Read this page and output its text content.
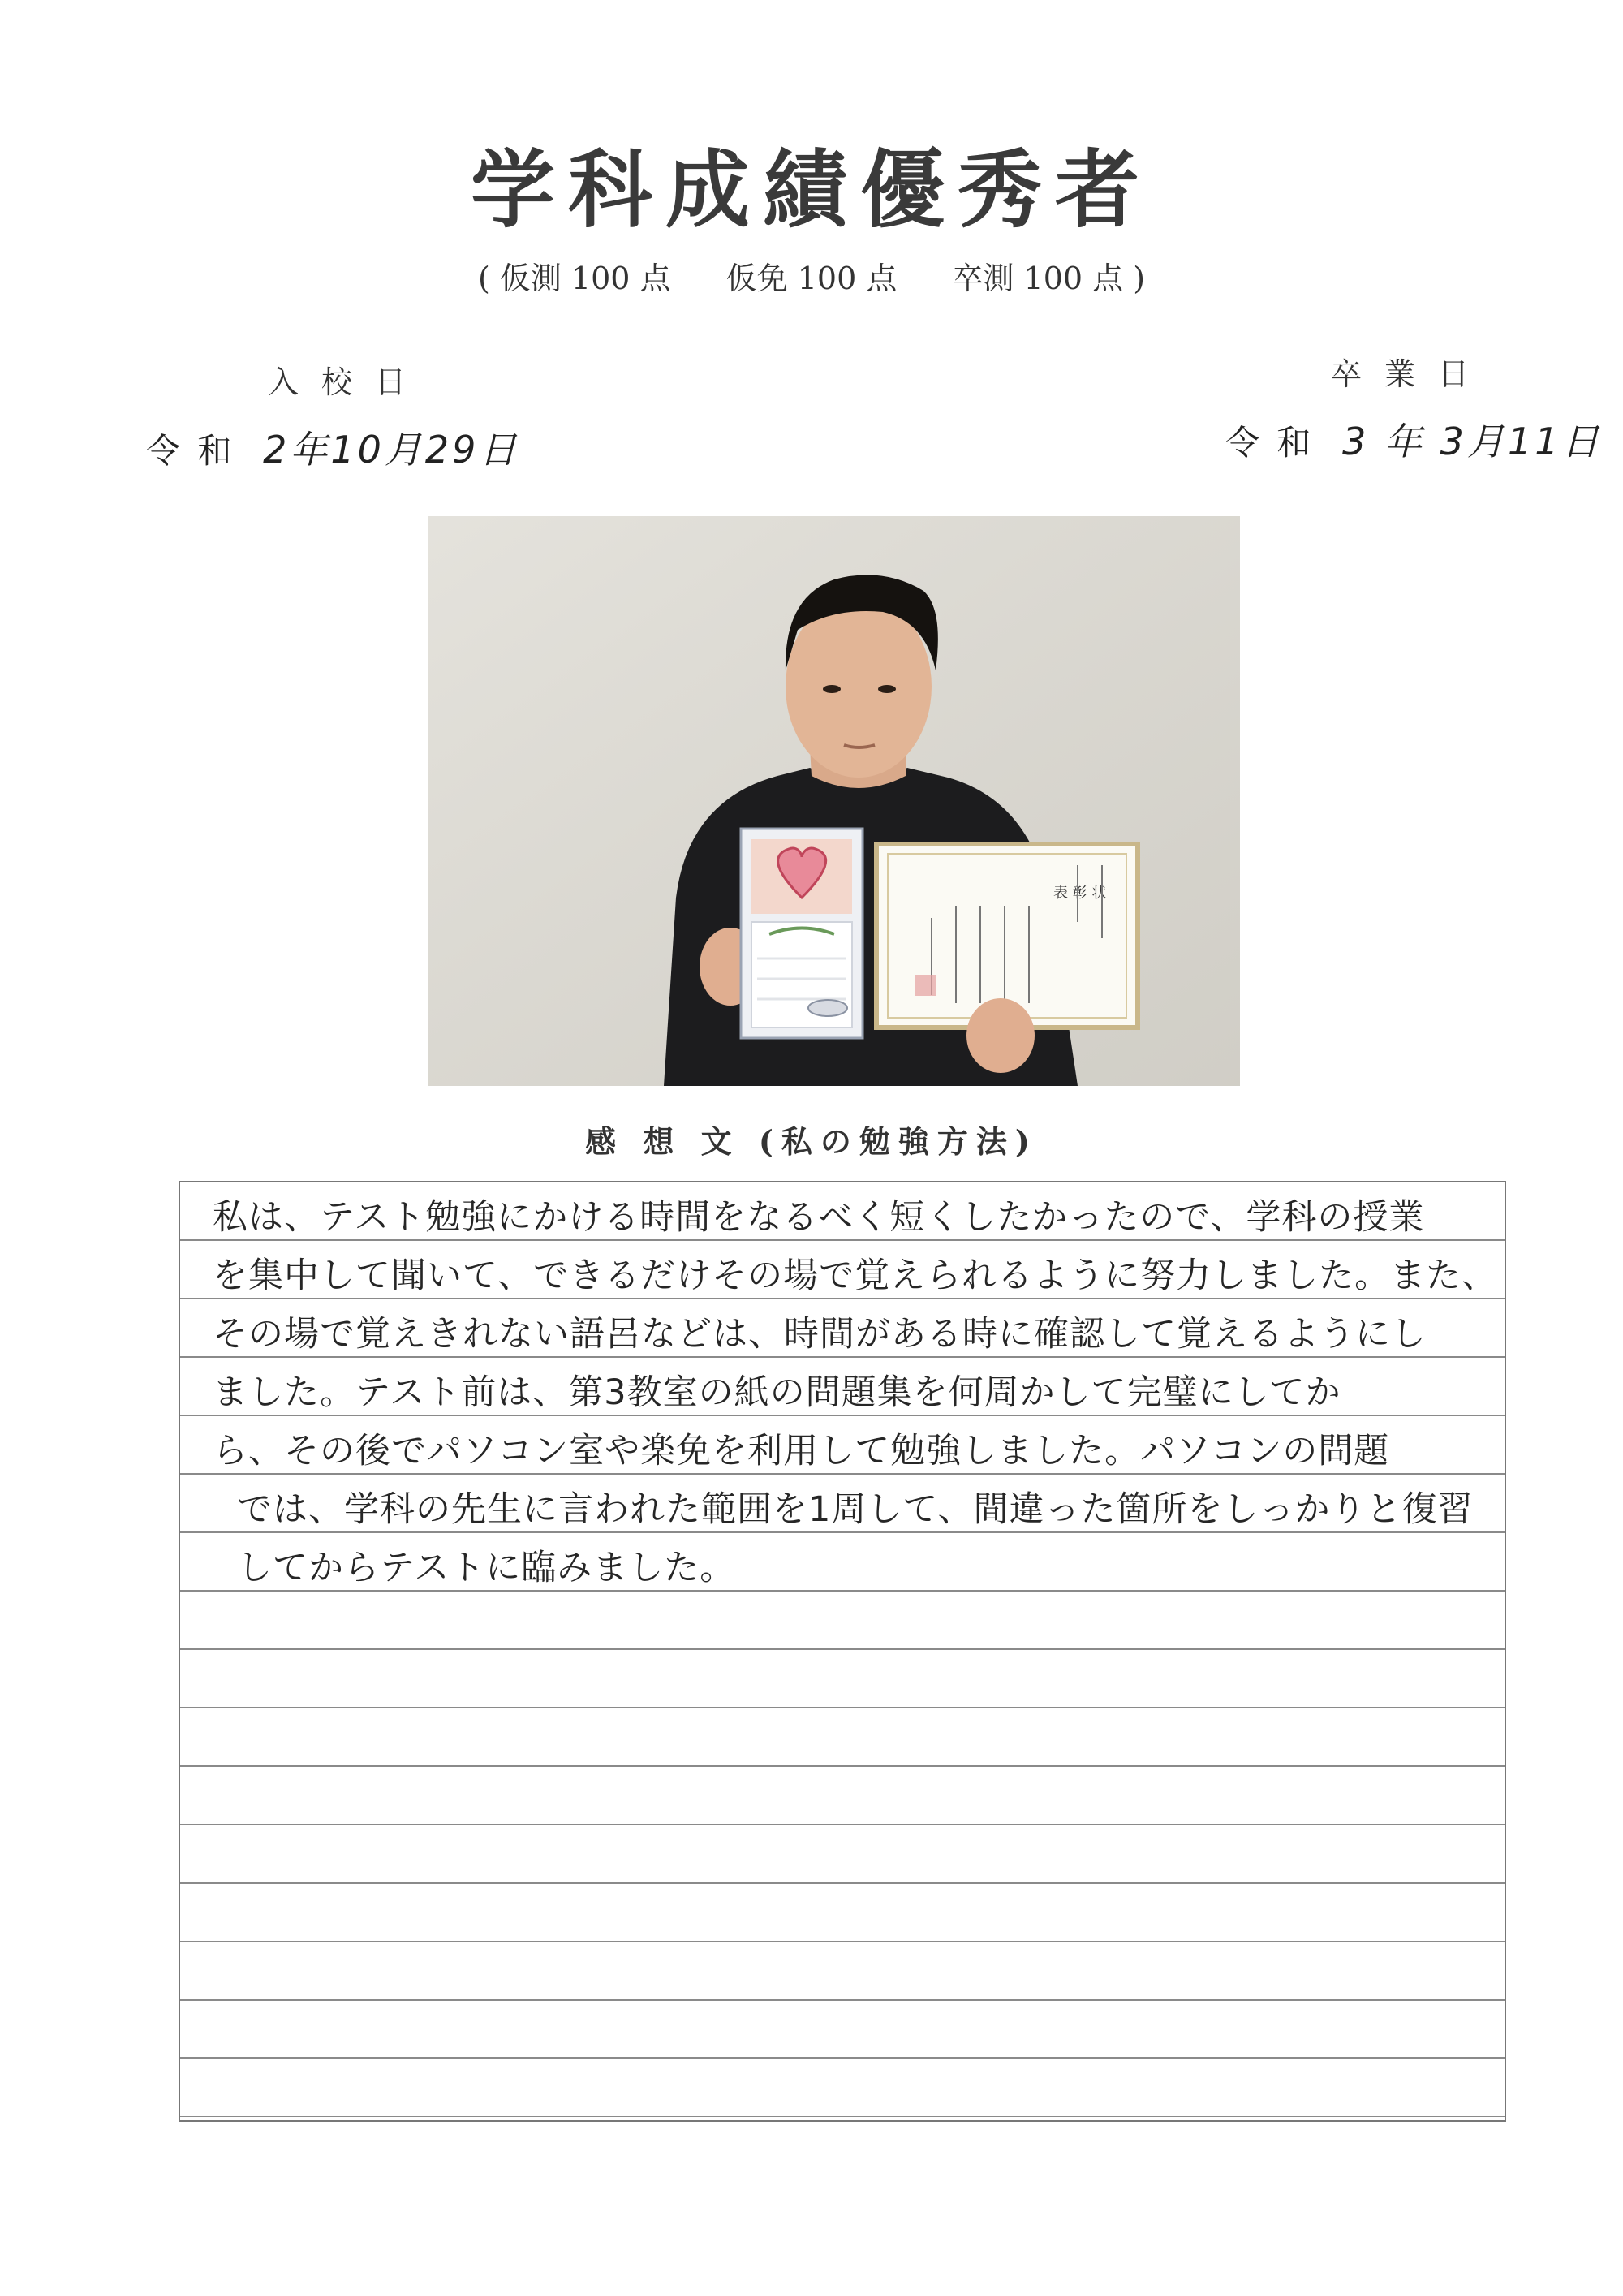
学科成績優秀者
( 仮測 100 点 仮免 100 点 卒測 100 点 )
入校日
令 和 2年10月29日
卒業日
令 和 3 年 3月11日
表 彰 状
感 想 文 (私の勉強方法)
私は、テスト勉強にかける時間をなるべく短くしたかったので、学科の授業
を集中して聞いて、できるだけその場で覚えられるように努力しました。また、
その場で覚えきれない語呂などは、時間がある時に確認して覚えるようにし
ました。テスト前は、第3教室の紙の問題集を何周かして完璧にしてか
ら、その後でパソコン室や楽免を利用して勉強しました。パソコンの問題
では、学科の先生に言われた範囲を1周して、間違った箇所をしっかりと復習
してからテストに臨みました。
